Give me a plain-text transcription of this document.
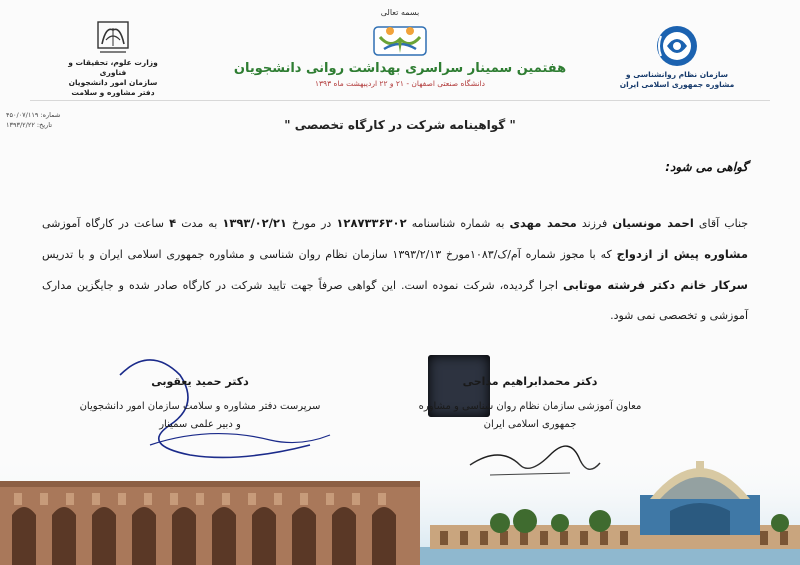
وزارت علوم، تحقیقات و فناوری
سازمان امور دانشجویان
دفتر مشاوره و سلامت
بسمه تعالی
هفتمین سمینار سراسری بهداشت روانی دانشجویان
دانشگاه صنعتی اصفهان - ۲۱ و ۲۲ اردیبهشت ماه ۱۳۹۳
سازمان نظام روانشناسی و
مشاوره جمهوری اسلامی ایران
شماره: ۴۵۰/۰۷/۱۱۹
تاریخ: ۱۳۹۳/۲/۲۲	" گواهینامه شرکت در کارگاه تخصصی "
گواهی می شود:
جناب آقای احمد مونسیان فرزند محمد مهدی به شماره شناسنامه ۱۲۸۷۳۳۶۳۰۲ در مورخ ۱۳۹۳/۰۲/۲۱ به مدت ۴ ساعت در کارگاه آموزشی مشاوره پیش از ازدواج که با مجوز شماره آم/ک/۱۰۸۳مورخ ۱۳۹۳/۲/۱۳ سازمان نظام روان شناسی و مشاوره جمهوری اسلامی ایران و با تدریس سرکار خانم دکتر فرشته موتابی اجرا گردیده، شرکت نموده است. این گواهی صرفاً جهت تایید شرکت در کارگاه صادر شده و جایگزین مدارک آموزشی و تخصصی نمی شود.
دکتر حمید یعقوبی
سرپرست دفتر مشاوره و سلامت سازمان امور دانشجویان
و دبیر علمی سمینار
دکتر محمدابراهیم مداحی
معاون آموزشی سازمان نظام روان شناسی و مشاوره
جمهوری اسلامی ایران
